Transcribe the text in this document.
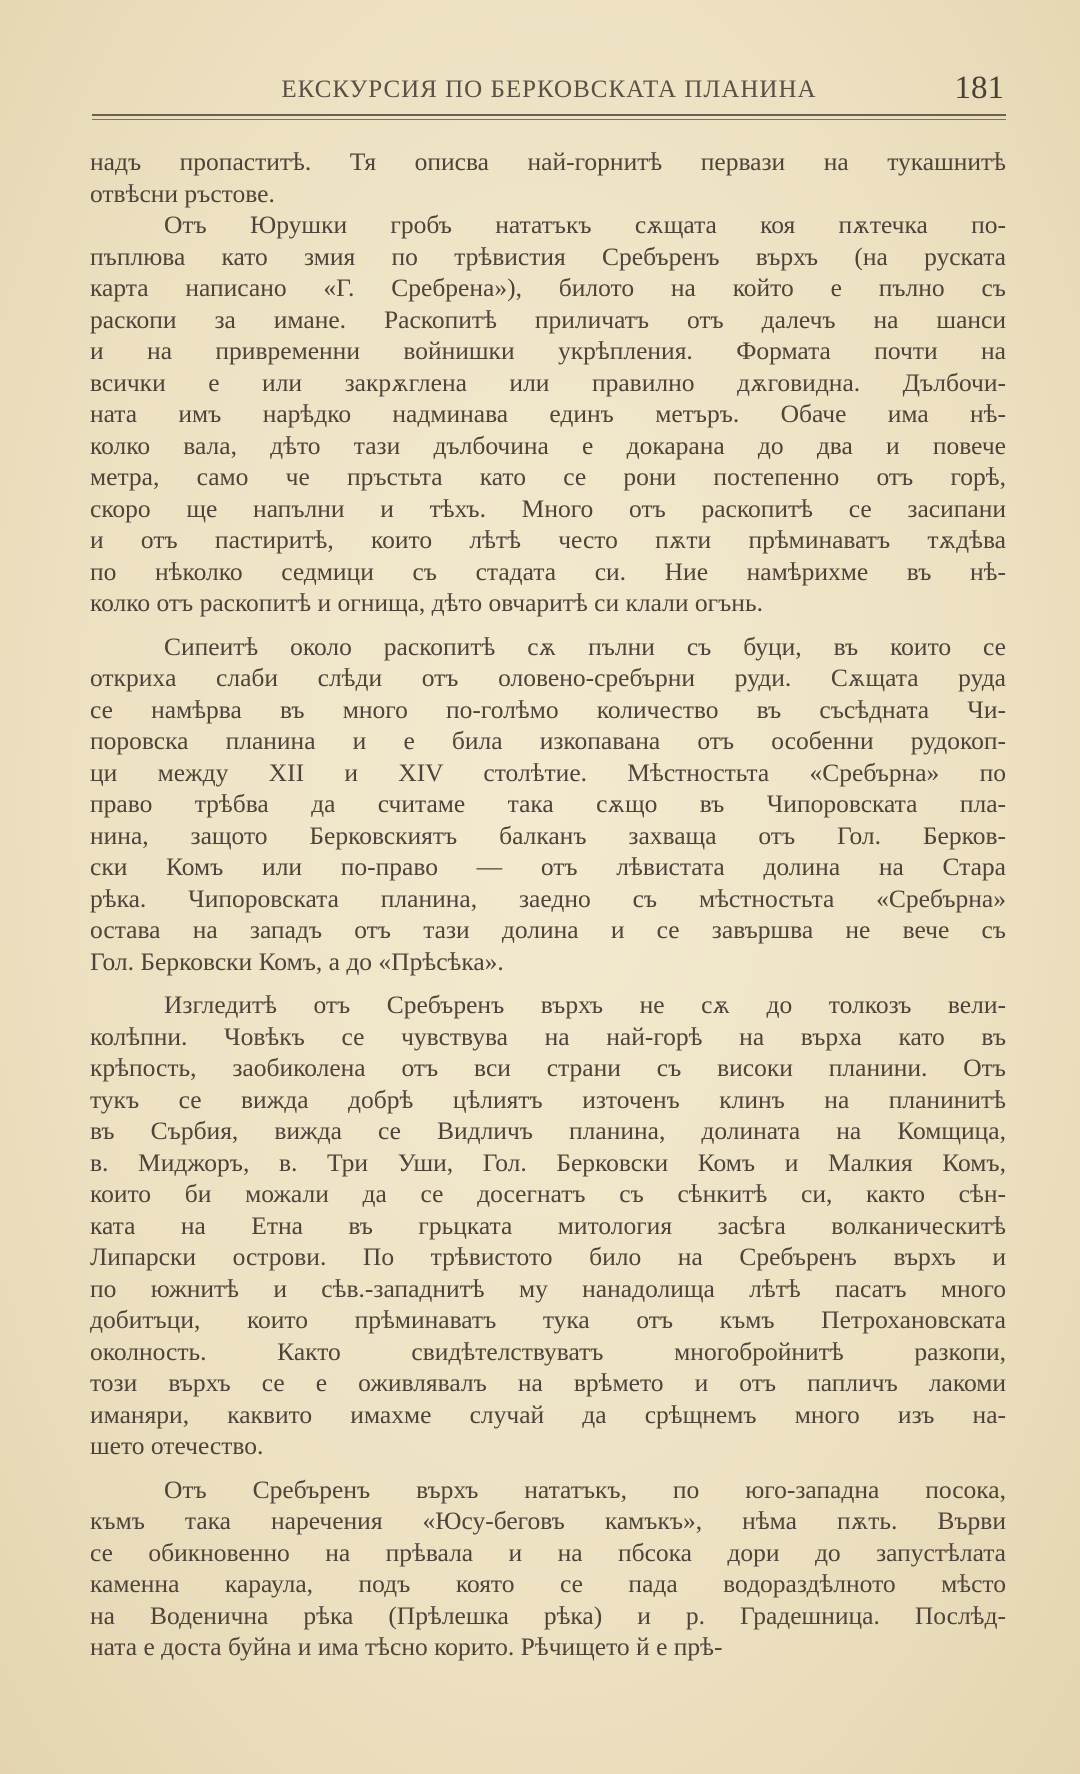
ЕКСКУРСИЯ ПО БЕРКОВСКАТА ПЛАНИНА	181

надъ пропаститѣ. Тя описва най-горнитѣ первази на тукашнитѣ
отвѣсни ръстове.

Отъ Юрушки гробъ нататъкъ сѫщата коя пѫтечка по-
пъплюва като змия по трѣвистия Сребъренъ върхъ (на руската
карта написано «Г. Сребрена»), билото на който е пълно съ
раскопи за имане. Раскопитѣ приличатъ отъ далечъ на шанси
и на привременни войнишки укрѣпления. Формата почти на
всички е или закрѫглена или правилно дѫговидна. Дълбочи-
ната имъ нарѣдко надминава единъ метъръ. Обаче има нѣ-
колко вала, дѣто тази дълбочина е докарана до два и повече
метра, само че пръстьта като се рони постепенно отъ горѣ,
скоро ще напълни и тѣхъ. Много отъ раскопитѣ се засипани
и отъ пастиритѣ, които лѣтѣ често пѫти прѣминаватъ тѫдѣва
по нѣколко седмици съ стадата си. Ние намѣрихме въ нѣ-
колко отъ раскопитѣ и огнища, дѣто овчаритѣ си клали огънь.

Сипеитѣ около раскопитѣ сѫ пълни съ буци, въ които се
открихa слаби слѣди отъ оловено-сребърни руди. Сѫщата руда
се намѣрва въ много по-голѣмо количество въ съсѣдната Чи-
поровска планина и е била изкопавана отъ особенни рудокоп-
ци между XII и XIV столѣтие. Мѣстностьта «Сребърна» по
право трѣбва да считаме така сѫщо въ Чипоровската пла-
нина, защото Берковскиятъ балканъ захваща отъ Гол. Берков-
ски Комъ или по-право — отъ лѣвистата долина на Стара
рѣка. Чипоровската планина, заедно съ мѣстностьта «Сребърна»
остава на западъ отъ тази долина и се завършва не вече съ
Гол. Берковски Комъ, а до «Прѣсѣка».

Изгледитѣ отъ Сребъренъ върхъ не сѫ до толкозъ вели-
колѣпни. Човѣкъ се чувствува на най-горѣ на върха като въ
крѣпость, заобиколена отъ вси страни съ високи планини. Отъ
тукъ се вижда добрѣ цѣлиятъ източенъ клинъ на планинитѣ
въ Сърбия, вижда се Видличъ планина, долината на Комщица,
в. Миджоръ, в. Три Уши, Гол. Берковски Комъ и Малкия Комъ,
които би можали да се досегнатъ съ сѣнкитѣ си, както сѣн-
ката на Етна въ грьцката митология засѣга волканическитѣ
Липарски острови. По трѣвистото било на Сребъренъ върхъ и
по южнитѣ и сѣв.-западнитѣ му нанадолища лѣтѣ пасатъ много
добитъци, които прѣминаватъ тука отъ къмъ Петрохановската
околность. Както свидѣтелствуватъ многобройнитѣ разкопи,
този върхъ се е оживлявалъ на врѣмето и отъ папличъ лакоми
иманяри, каквито имахме случай да срѣщнемъ много изъ на-
шето отечество.

Отъ Сребъренъ върхъ нататъкъ, по юго-западна посока,
къмъ така наречения «Юсу-беговъ камъкъ», нѣма пѫть. Върви
се обикновенно на прѣвала и на пбсока дори до запустѣлата
каменна караула, подъ която се пада водораздѣлното мѣсто
на Воденична рѣка (Прѣлешка рѣка) и р. Градешница. Послѣд-
ната е доста буйна и има тѣсно корито. Рѣчището й е прѣ-
